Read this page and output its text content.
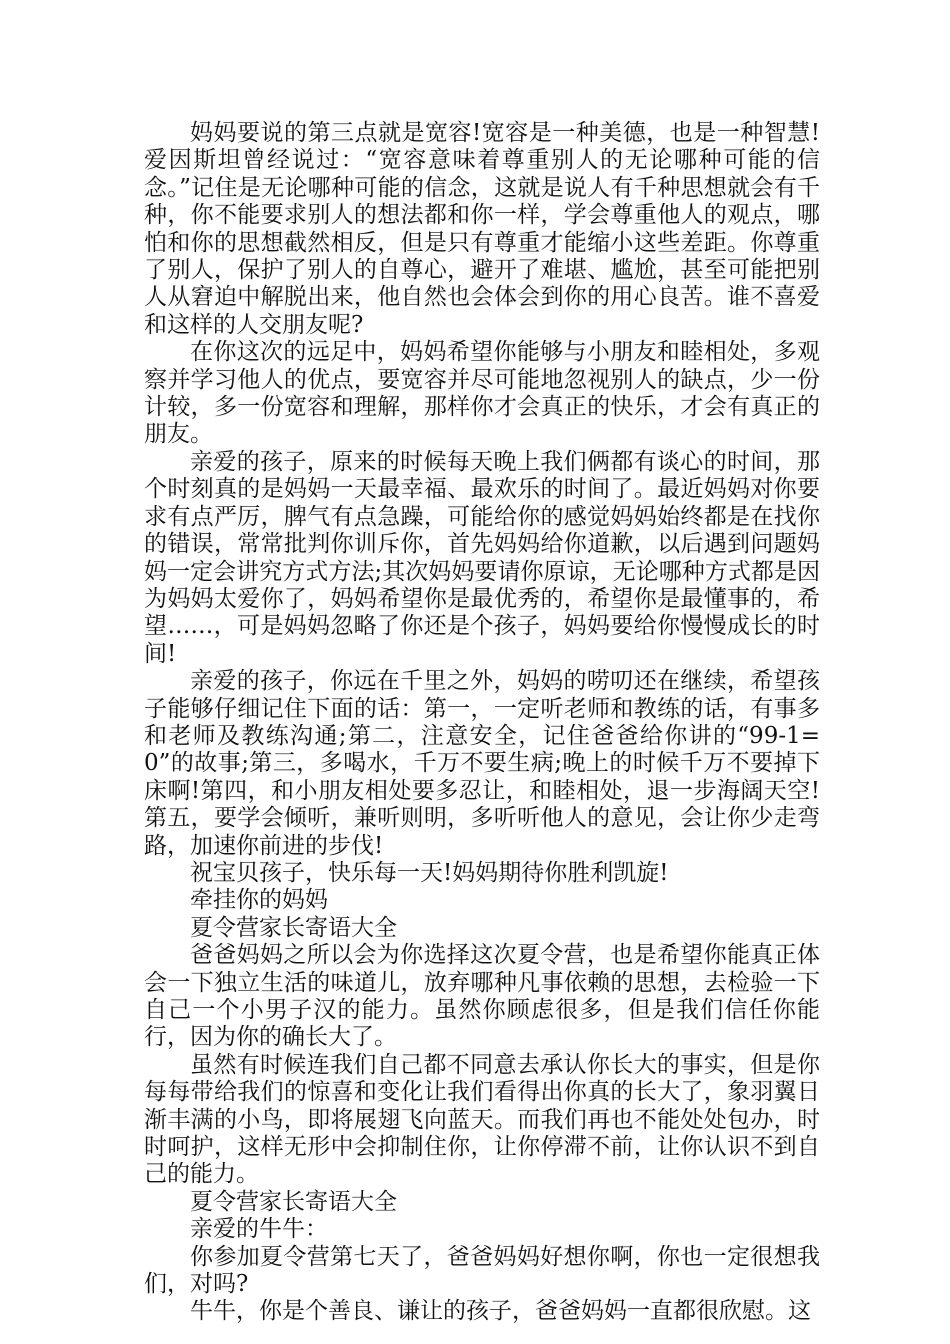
妈妈要说的第三点就是宽容!宽容是一种美德，也是一种智慧!爱因斯坦曾经说过：“宽容意味着尊重别人的无论哪种可能的信念。”记住是无论哪种可能的信念，这就是说人有千种思想就会有千种，你不能要求别人的想法都和你一样，学会尊重他人的观点，哪怕和你的思想截然相反，但是只有尊重才能缩小这些差距。你尊重了别人，保护了别人的自尊心，避开了难堪、尴尬，甚至可能把别人从窘迫中解脱出来，他自然也会体会到你的用心良苦。谁不喜爱和这样的人交朋友呢?

在你这次的远足中，妈妈希望你能够与小朋友和睦相处，多观察并学习他人的优点，要宽容并尽可能地忽视别人的缺点，少一份计较，多一份宽容和理解，那样你才会真正的快乐，才会有真正的朋友。

亲爱的孩子，原来的时候每天晚上我们俩都有谈心的时间，那个时刻真的是妈妈一天最幸福、最欢乐的时间了。最近妈妈对你要求有点严厉，脾气有点急躁，可能给你的感觉妈妈始终都是在找你的错误，常常批判你训斥你，首先妈妈给你道歉，以后遇到问题妈妈一定会讲究方式方法;其次妈妈要请你原谅，无论哪种方式都是因为妈妈太爱你了，妈妈希望你是最优秀的，希望你是最懂事的，希望……，可是妈妈忽略了你还是个孩子，妈妈要给你慢慢成长的时间!

亲爱的孩子，你远在千里之外，妈妈的唠叨还在继续，希望孩子能够仔细记住下面的话：第一，一定听老师和教练的话，有事多和老师及教练沟通;第二，注意安全，记住爸爸给你讲的“99-1=0”的故事;第三，多喝水，千万不要生病;晚上的时候千万不要掉下床啊!第四，和小朋友相处要多忍让，和睦相处，退一步海阔天空!第五，要学会倾听，兼听则明，多听听他人的意见，会让你少走弯路，加速你前进的步伐!

祝宝贝孩子，快乐每一天!妈妈期待你胜利凯旋!

牵挂你的妈妈

夏令营家长寄语大全

爸爸妈妈之所以会为你选择这次夏令营，也是希望你能真正体会一下独立生活的味道儿，放弃哪种凡事依赖的思想，去检验一下自己一个小男子汉的能力。虽然你顾虑很多，但是我们信任你能行，因为你的确长大了。

虽然有时候连我们自己都不同意去承认你长大的事实，但是你每每带给我们的惊喜和变化让我们看得出你真的长大了，象羽翼日渐丰满的小鸟，即将展翅飞向蓝天。而我们再也不能处处包办，时时呵护，这样无形中会抑制住你，让你停滞不前，让你认识不到自己的能力。

夏令营家长寄语大全

亲爱的牛牛：

你参加夏令营第七天了，爸爸妈妈好想你啊，你也一定很想我们，对吗?

牛牛，你是个善良、谦让的孩子，爸爸妈妈一直都很欣慰。这
